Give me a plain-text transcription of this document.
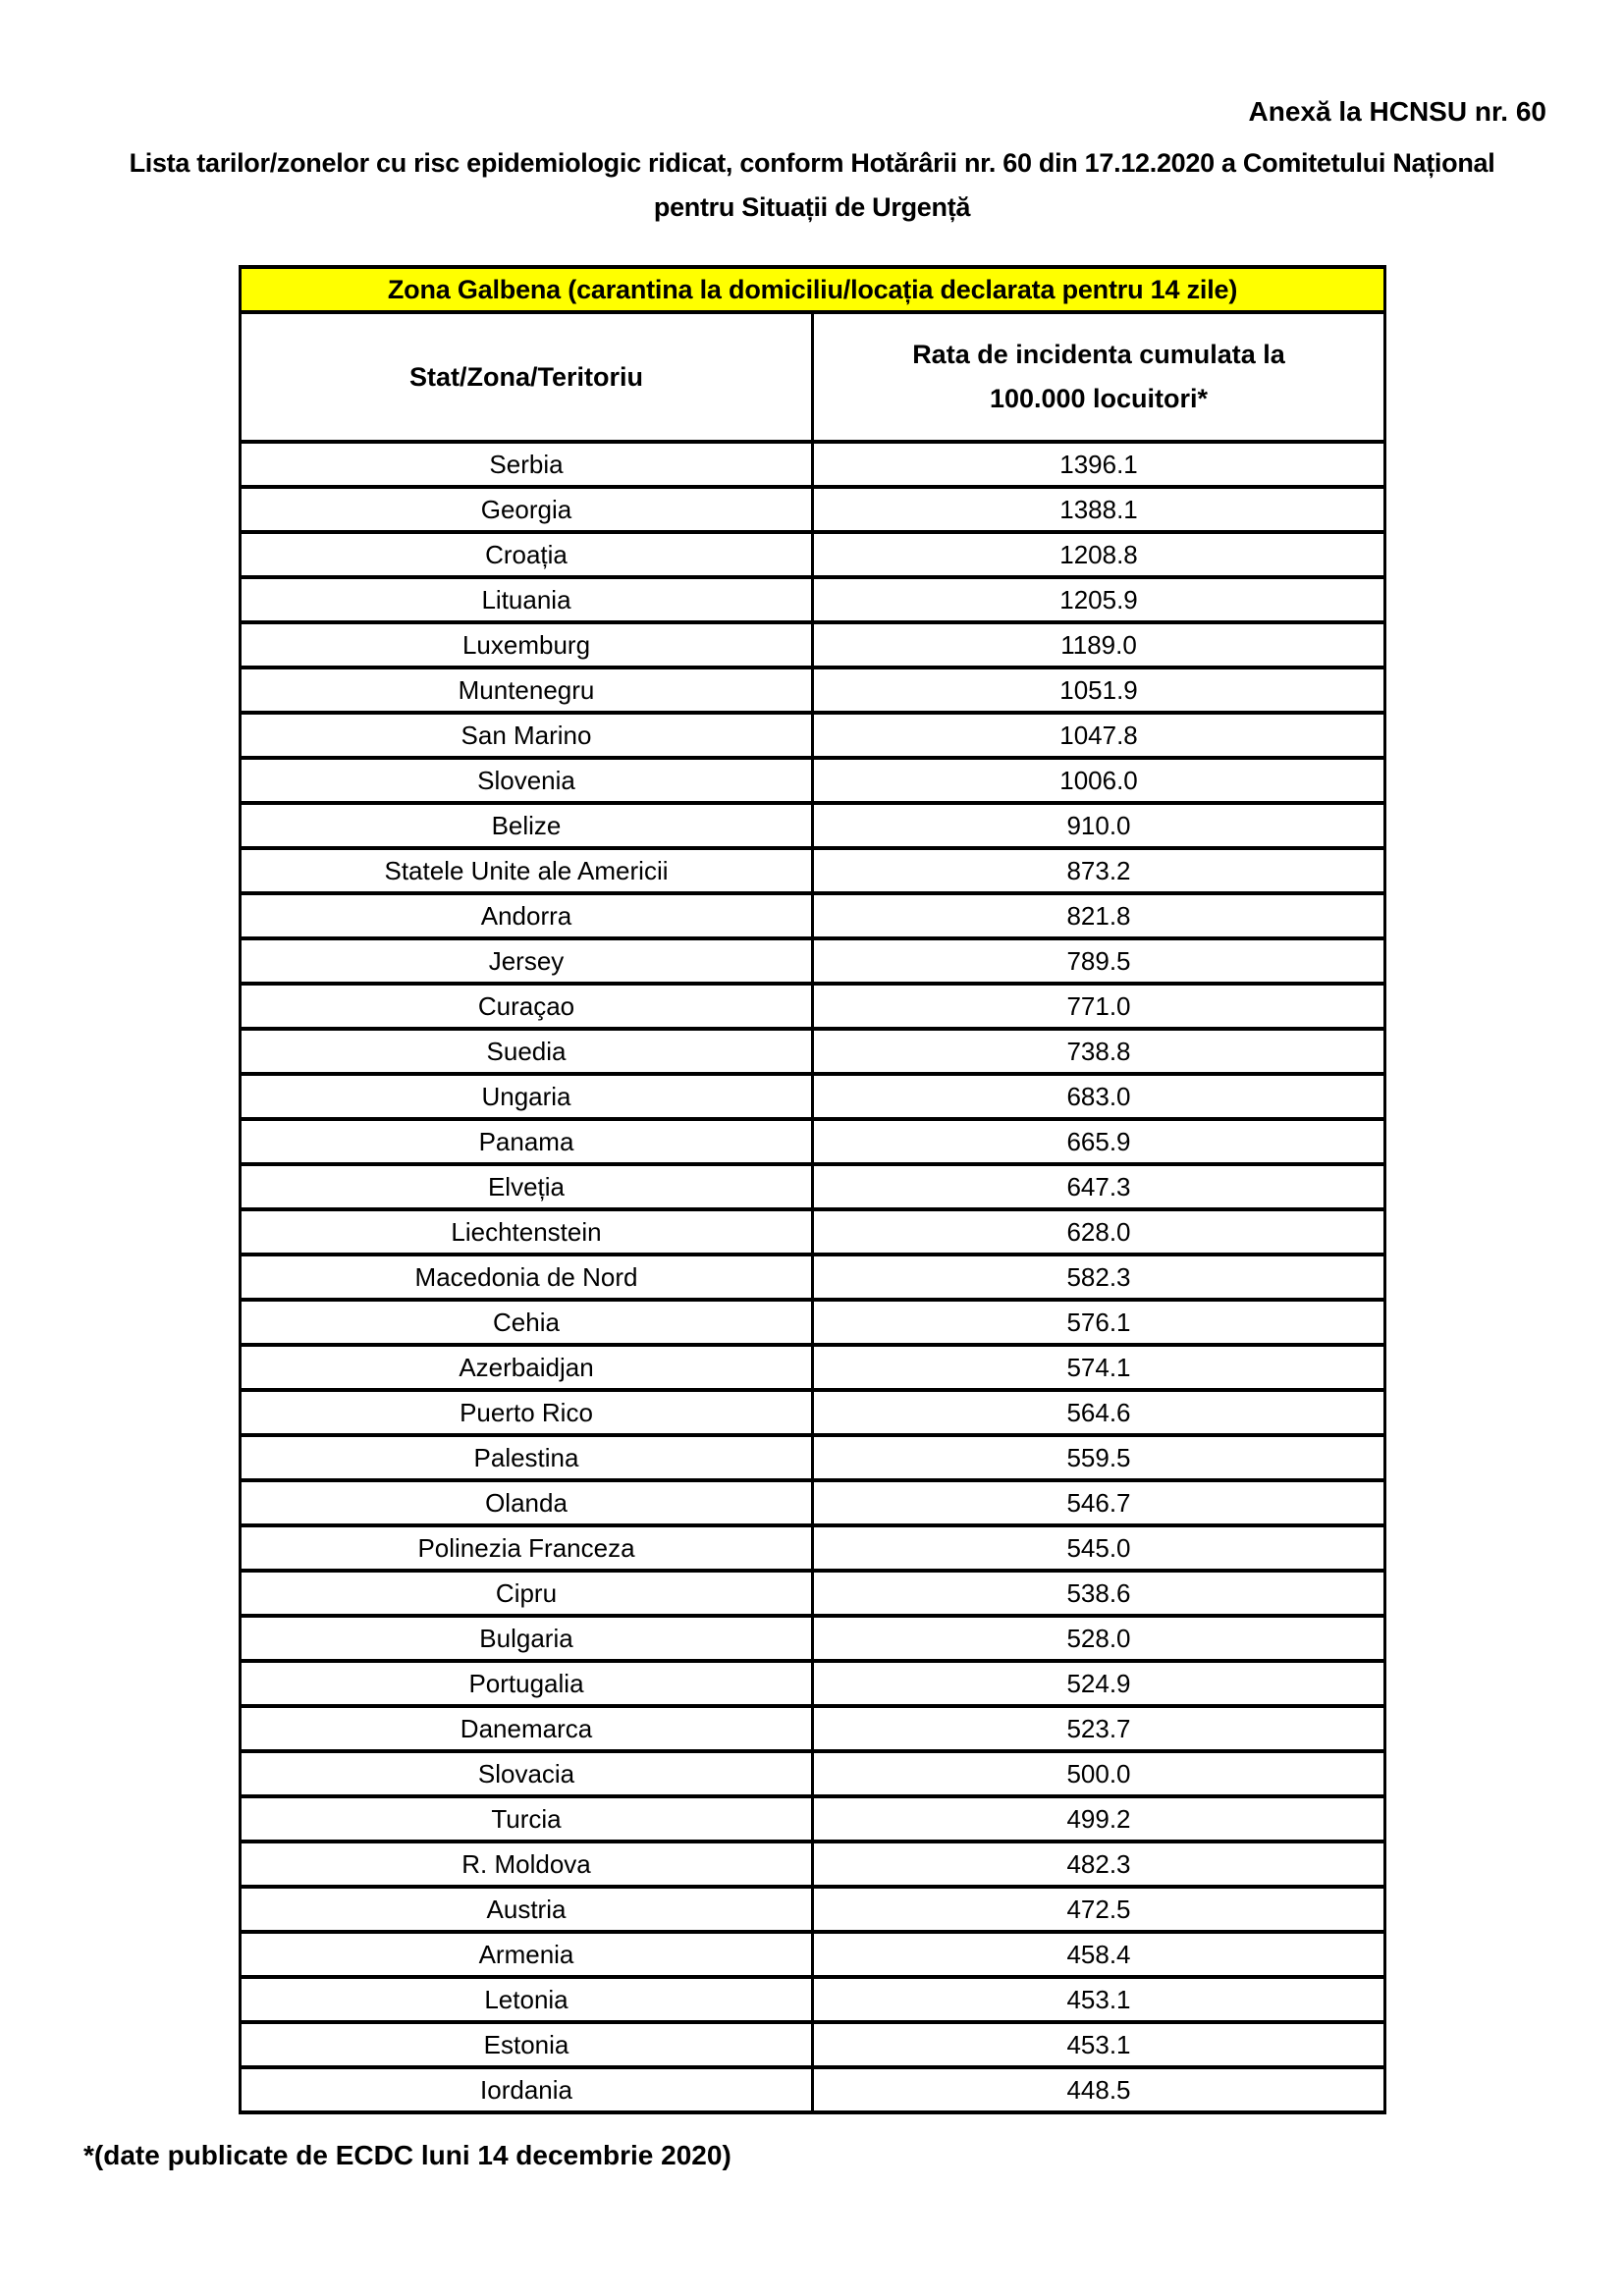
Anexă la HCNSU nr. 60
Lista tarilor/zonelor cu risc epidemiologic ridicat, conform Hotărârii nr. 60 din 17.12.2020 a Comitetului Național
pentru Situații de Urgență
Zona Galbena (carantina la domiciliu/locația declarata pentru 14 zile)	
Stat/Zona/Teritoriu	Rata de incidenta cumulata la
100.000 locuitori*

Serbia	1396.1
Georgia	1388.1
Croația	1208.8
Lituania	1205.9
Luxemburg	1189.0
Muntenegru	1051.9
San Marino	1047.8
Slovenia	1006.0
Belize	910.0
Statele Unite ale Americii	873.2
Andorra	821.8
Jersey	789.5
Curaçao	771.0
Suedia	738.8
Ungaria	683.0
Panama	665.9
Elveția	647.3
Liechtenstein	628.0
Macedonia de Nord	582.3
Cehia	576.1
Azerbaidjan	574.1
Puerto Rico	564.6
Palestina	559.5
Olanda	546.7
Polinezia Franceza	545.0
Cipru	538.6
Bulgaria	528.0
Portugalia	524.9
Danemarca	523.7
Slovacia	500.0
Turcia	499.2
R. Moldova	482.3
Austria	472.5
Armenia	458.4
Letonia	453.1
Estonia	453.1
Iordania	448.5
*(date publicate de ECDC luni 14 decembrie 2020)
